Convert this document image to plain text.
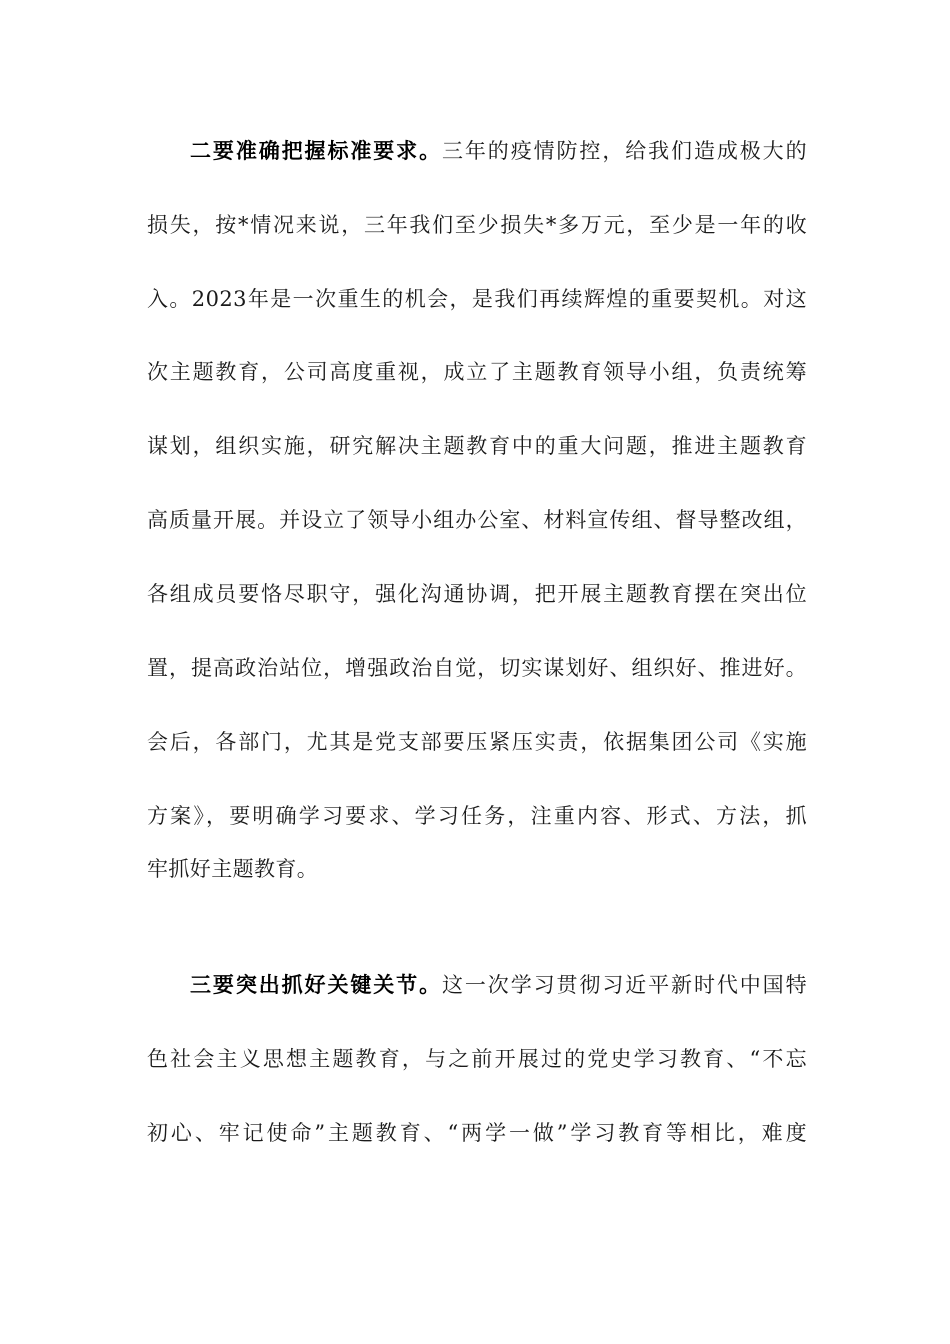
二要准确把握标准要求。三年的疫情防控，给我们造成极大的
损失，按*情况来说，三年我们至少损失*多万元，至少是一年的收
入。2023年是一次重生的机会，是我们再续辉煌的重要契机。对这
次主题教育，公司高度重视，成立了主题教育领导小组，负责统筹
谋划，组织实施，研究解决主题教育中的重大问题，推进主题教育
高质量开展。并设立了领导小组办公室、材料宣传组、督导整改组，
各组成员要恪尽职守，强化沟通协调，把开展主题教育摆在突出位
置，提高政治站位，增强政治自觉，切实谋划好、组织好、推进好。
会后，各部门，尤其是党支部要压紧压实责，依据集团公司《实施
方案》，要明确学习要求、学习任务，注重内容、形式、方法，抓
牢抓好主题教育。
三要突出抓好关键关节。这一次学习贯彻习近平新时代中国特
色社会主义思想主题教育，与之前开展过的党史学习教育、“不忘
初心、牢记使命”主题教育、“两学一做”学习教育等相比，难度
